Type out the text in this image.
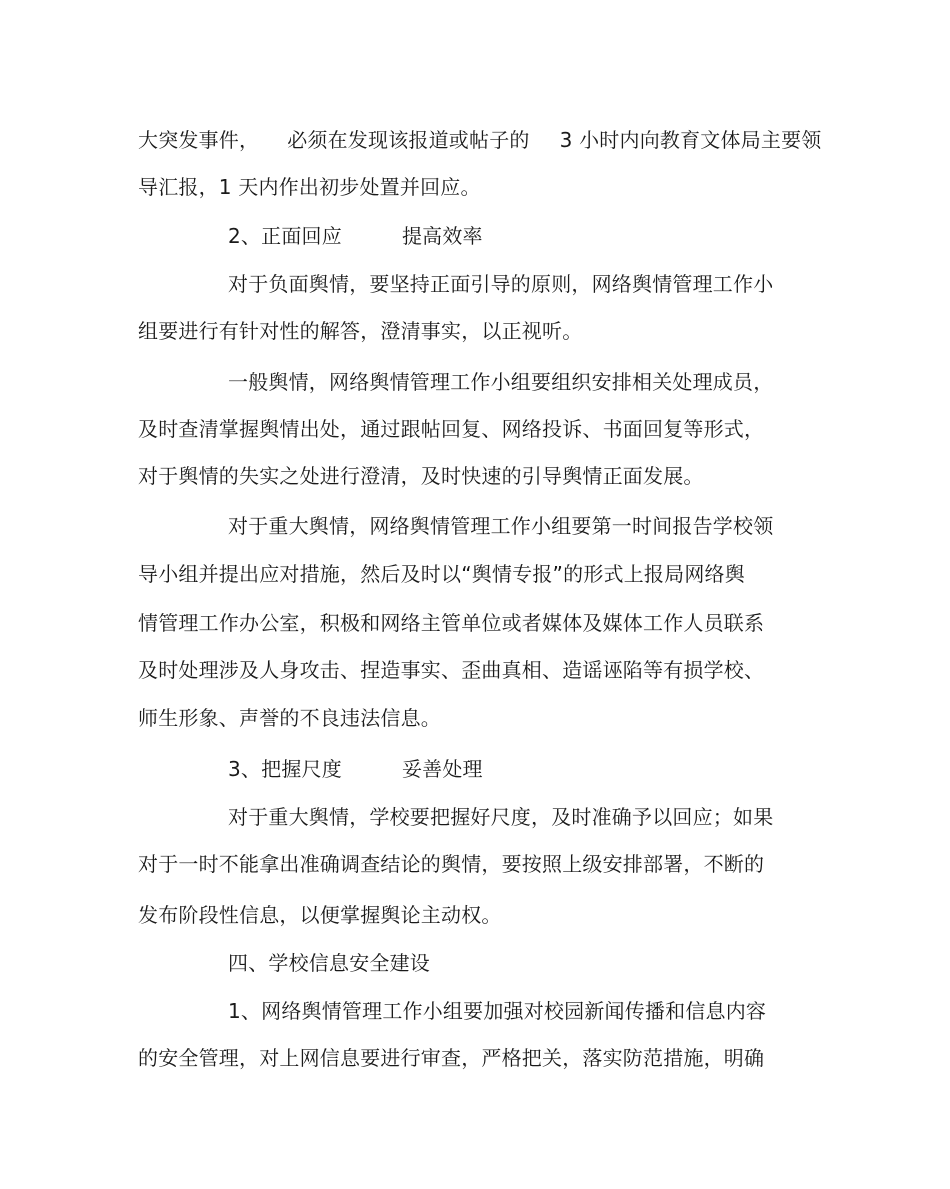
大突发事件， 必须在发现该报道或帖子的 3 小时内向教育文体局主要领
导汇报，1 天内作出初步处置并回应。
2、正面回应	提高效率
对于负面舆情，要坚持正面引导的原则，网络舆情管理工作小
组要进行有针对性的解答，澄清事实，以正视听。
一般舆情，网络舆情管理工作小组要组织安排相关处理成员，
及时查清掌握舆情出处，通过跟帖回复、网络投诉、书面回复等形式，
对于舆情的失实之处进行澄清，及时快速的引导舆情正面发展。
对于重大舆情，网络舆情管理工作小组要第一时间报告学校领
导小组并提出应对措施，然后及时以“舆情专报”的形式上报局网络舆
情管理工作办公室，积极和网络主管单位或者媒体及媒体工作人员联系
及时处理涉及人身攻击、捏造事实、歪曲真相、造谣诬陷等有损学校、
师生形象、声誉的不良违法信息。
3、把握尺度	妥善处理
对于重大舆情，学校要把握好尺度，及时准确予以回应；如果
对于一时不能拿出准确调查结论的舆情，要按照上级安排部署，不断的
发布阶段性信息，以便掌握舆论主动权。
四、学校信息安全建设
1、网络舆情管理工作小组要加强对校园新闻传播和信息内容
的安全管理，对上网信息要进行审查，严格把关，落实防范措施，明确
